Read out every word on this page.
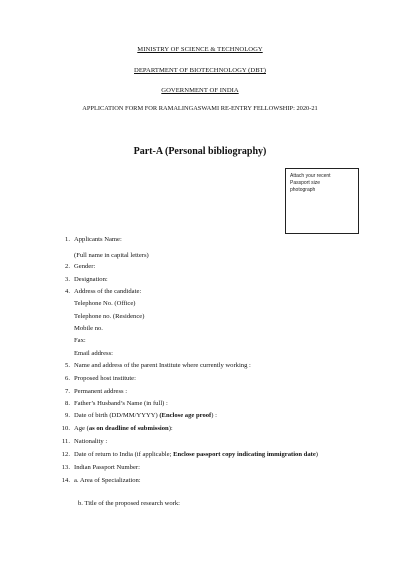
MINISTRY OF SCIENCE & TECHNOLOGY
DEPARTMENT OF BIOTECHNOLOGY (DBT)
GOVERNMENT OF INDIA
APPLICATION FORM FOR RAMALINGASWAMI RE-ENTRY FELLOWSHIP: 2020-21
Part-A (Personal bibliography)
Attach your recent
Passport size
photograph
1. Applicants Name:
(Full name in capital letters)
2. Gender:
3. Designation:
4. Address of the candidate:
Telephone No. (Office)
Telephone no. (Residence)
Mobile no.
Fax:
Email address:
5. Name and address of the parent Institute where currently working :
6. Proposed host institute:
7. Permanent address :
8. Father’s Husband’s Name (in full) :
9. Date of birth (DD/MM/YYYY) (Enclose age proof) :
10. Age (as on deadline of submission):
11. Nationality :
12. Date of return to India (if applicable; Enclose passport copy indicating immigration date)
13. Indian Passport Number:
14. a. Area of Specialization:
b. Title of the proposed research work:
